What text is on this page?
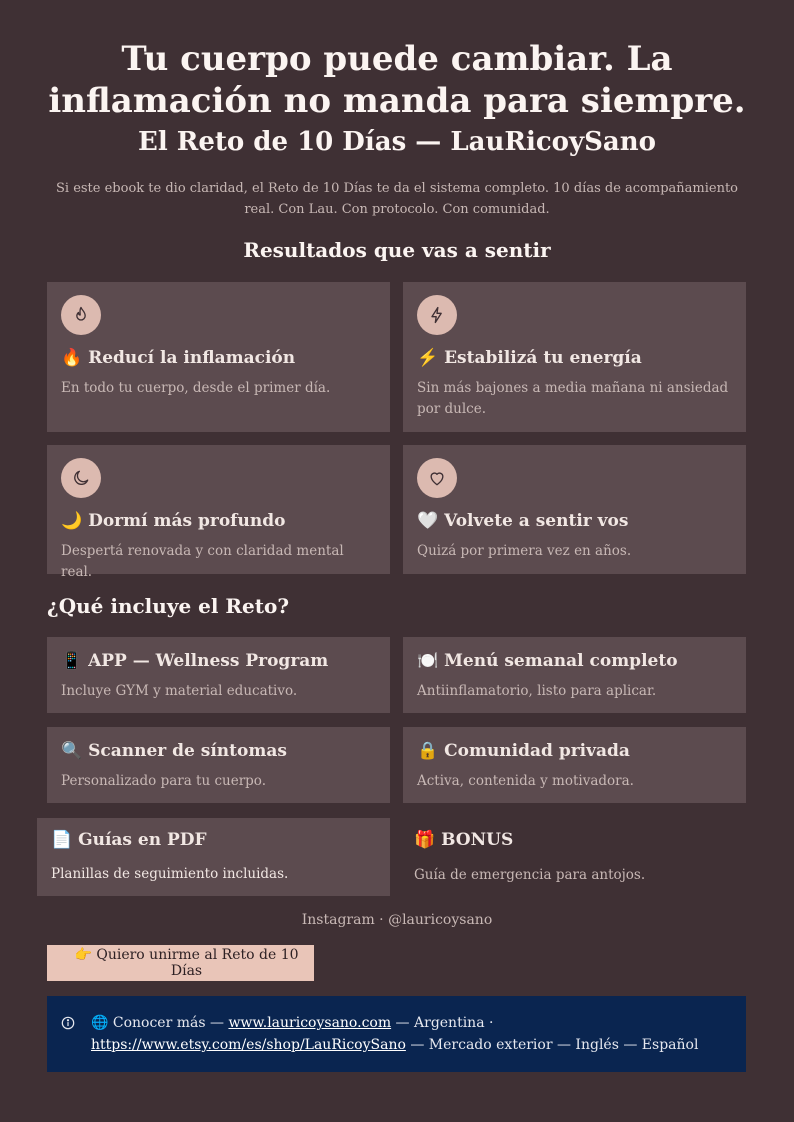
Tu cuerpo puede cambiar. La inflamación no manda para siempre.
El Reto de 10 Días — LauRicoySano

Si este ebook te dio claridad, el Reto de 10 Días te da el sistema completo. 10 días de acompañamiento real. Con Lau. Con protocolo. Con comunidad.

Resultados que vas a sentir
🔥 Reducí la inflamación
En todo tu cuerpo, desde el primer día.
⚡ Estabilizá tu energía
Sin más bajones a media mañana ni ansiedad por dulce.
🌙 Dormí más profundo
Despertá renovada y con claridad mental real.
🤍 Volvete a sentir vos
Quizá por primera vez en años.
¿Qué incluye el Reto?
📱 APP — Wellness Program
Incluye GYM y material educativo.
🍽️ Menú semanal completo
Antiinflamatorio, listo para aplicar.
🔍 Scanner de síntomas
Personalizado para tu cuerpo.
🔒 Comunidad privada
Activa, contenida y motivadora.
📄 Guías en PDF
Planillas de seguimiento incluidas.
🎁 BONUS
Guía de emergencia para antojos.
Instagram · @lauricoysano
👉 Quiero unirme al Reto de 10 Días
🌐 Conocer más — www.lauricoysano.com — Argentina · https://www.etsy.com/es/shop/LauRicoySano — Mercado exterior — Inglés — Español
